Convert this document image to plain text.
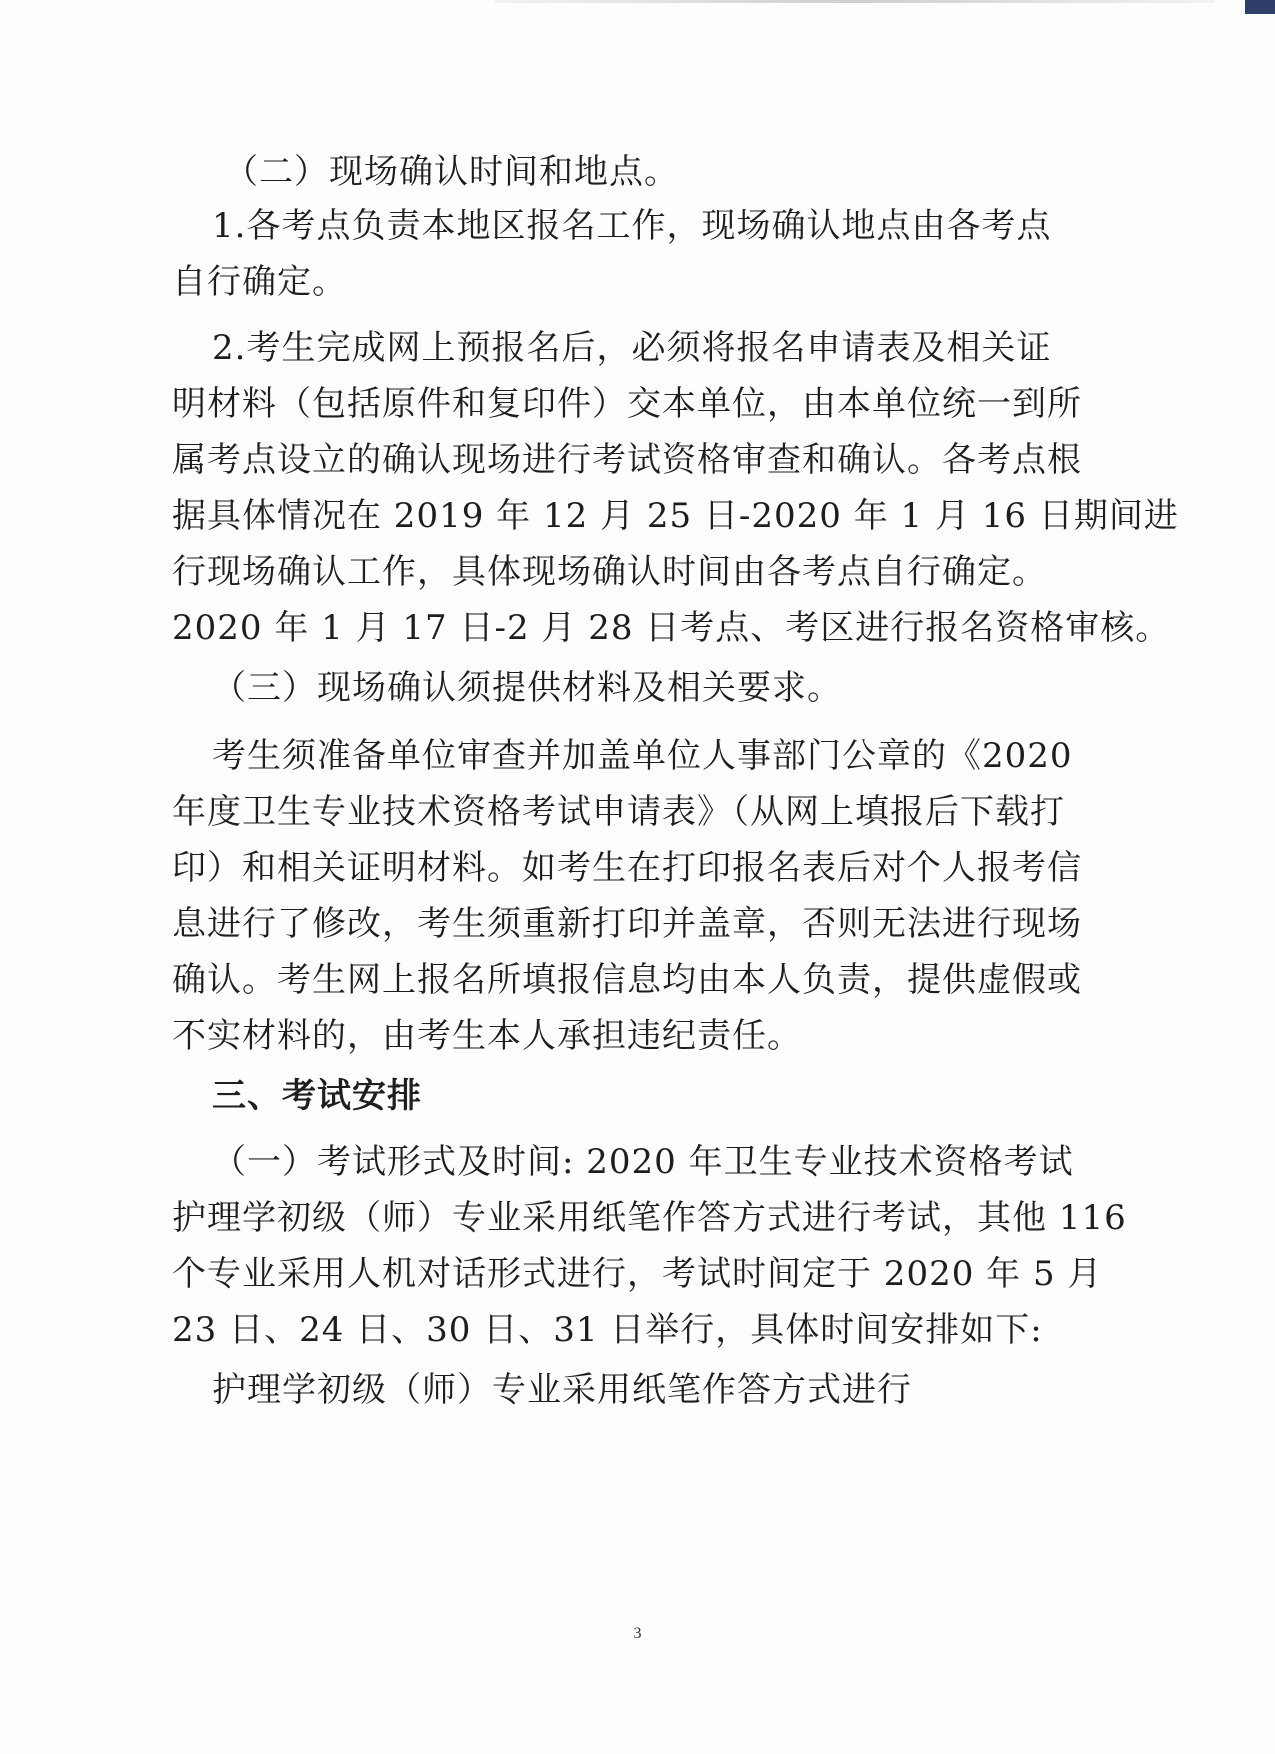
（二）现场确认时间和地点。
1.各考点负责本地区报名工作，现场确认地点由各考点
自行确定。
2.考生完成网上预报名后，必须将报名申请表及相关证
明材料（包括原件和复印件）交本单位，由本单位统一到所
属考点设立的确认现场进行考试资格审查和确认。各考点根
据具体情况在 2019 年 12 月 25 日-2020 年 1 月 16 日期间进
行现场确认工作，具体现场确认时间由各考点自行确定。
2020 年 1 月 17 日-2 月 28 日考点、考区进行报名资格审核。
（三）现场确认须提供材料及相关要求。
考生须准备单位审查并加盖单位人事部门公章的《2020
年度卫生专业技术资格考试申请表》（从网上填报后下载打
印）和相关证明材料。如考生在打印报名表后对个人报考信
息进行了修改，考生须重新打印并盖章，否则无法进行现场
确认。考生网上报名所填报信息均由本人负责，提供虚假或
不实材料的，由考生本人承担违纪责任。
三、考试安排
（一）考试形式及时间: 2020 年卫生专业技术资格考试
护理学初级（师）专业采用纸笔作答方式进行考试，其他 116
个专业采用人机对话形式进行，考试时间定于 2020 年 5 月
23 日、24 日、30 日、31 日举行，具体时间安排如下:
护理学初级（师）专业采用纸笔作答方式进行
3
